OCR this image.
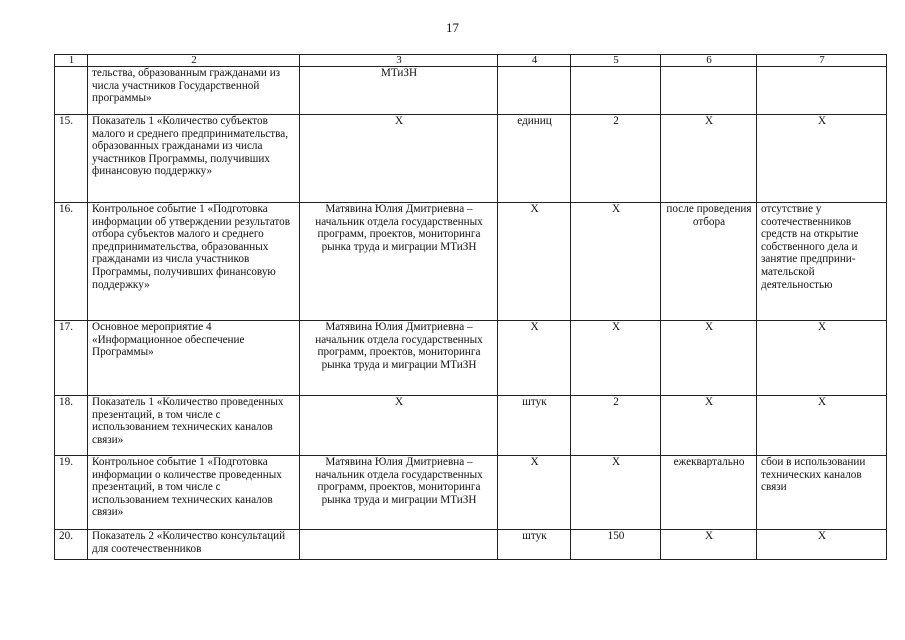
17
1	2	3	4	5	6	7
	тельства, образованным гражданами из числа участников Государственной программы»	МТиЗН				
15.	Показатель 1 «Количество субъектов малого и среднего предпринимательства, образованных гражданами из числа участников Программы, получивших финансовую поддержку»	Х	единиц	2	Х	Х
16.	Контрольное событие 1 «Подготовка информации об утверждении результатов отбора субъектов малого и среднего предпринимательства, образованных гражданами из числа участников Программы, получивших финансовую поддержку»	Матявина Юлия Дмитриевна – начальник отдела государственных программ, проектов, мониторинга рынка труда и миграции МТиЗН	Х	Х	после проведения отбора	отсутствие у соотечественников средств на открытие собственного дела и занятие предприни-мательской деятельностью
17.	Основное мероприятие 4 «Информационное обеспечение Программы»	Матявина Юлия Дмитриевна – начальник отдела государственных программ, проектов, мониторинга рынка труда и миграции МТиЗН	Х	Х	Х	Х
18.	Показатель 1 «Количество проведенных презентаций, в том числе с использованием технических каналов связи»	Х	штук	2	Х	Х
19.	Контрольное событие 1 «Подготовка информации о количестве проведенных презентаций, в том числе с использованием технических каналов связи»	Матявина Юлия Дмитриевна – начальник отдела государственных программ, проектов, мониторинга рынка труда и миграции МТиЗН	Х	Х	ежеквартально	сбои в использовании технических каналов связи
20.	Показатель 2 «Количество консультаций для соотечественников		штук	150	Х	Х
